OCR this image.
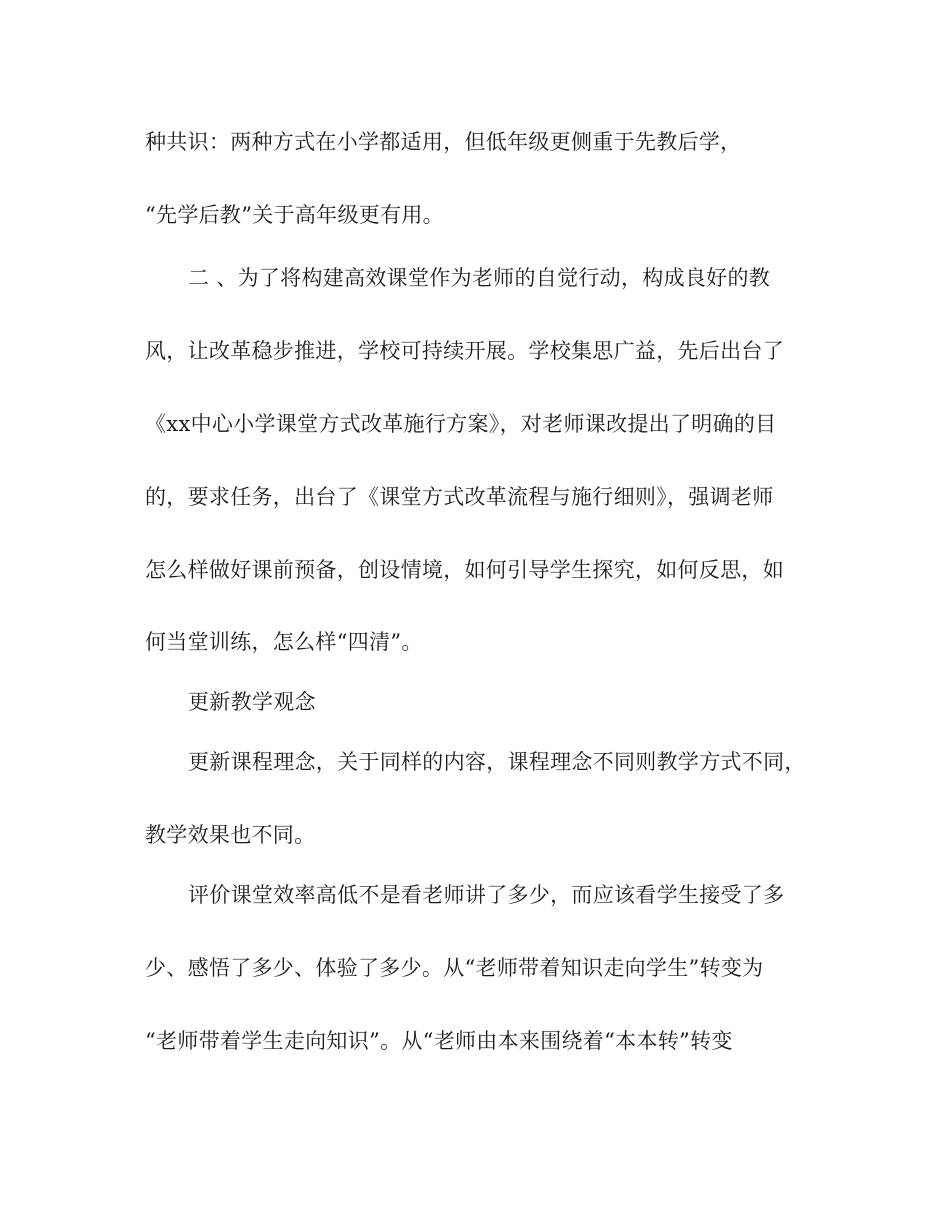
种共识：两种方式在小学都适用，但低年级更侧重于先教后学，
“先学后教”关于高年级更有用。
二 、为了将构建高效课堂作为老师的自觉行动，构成良好的教
风，让改革稳步推进，学校可持续开展。学校集思广益，先后出台了
《xx中心小学课堂方式改革施行方案》，对老师课改提出了明确的目
的，要求任务，出台了《课堂方式改革流程与施行细则》，强调老师
怎么样做好课前预备，创设情境，如何引导学生探究，如何反思，如
何当堂训练，怎么样“四清”。
更新教学观念
更新课程理念，关于同样的内容，课程理念不同则教学方式不同，
教学效果也不同。
评价课堂效率高低不是看老师讲了多少，而应该看学生接受了多
少、感悟了多少、体验了多少。从“老师带着知识走向学生”转变为
“老师带着学生走向知识”。从“老师由本来围绕着“本本转”转变
